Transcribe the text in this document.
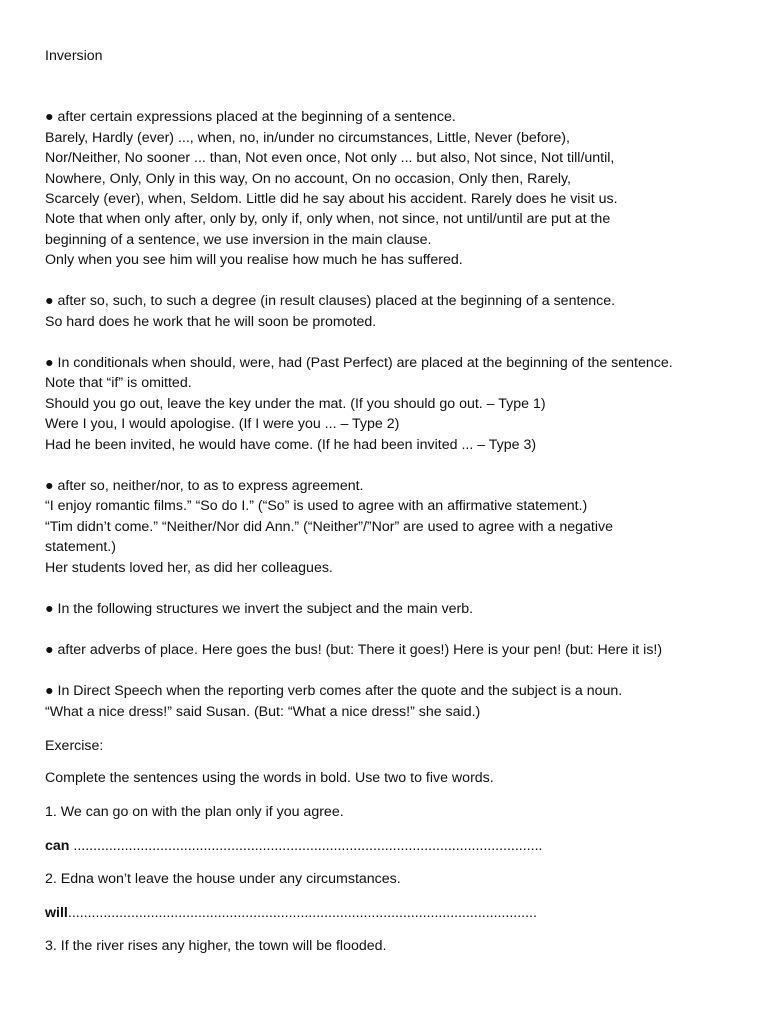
Inversion
● after certain expressions placed at the beginning of a sentence.
Barely, Hardly (ever) ..., when, no, in/under no circumstances, Little, Never (before),
Nor/Neither, No sooner ... than, Not even once, Not only ... but also, Not since, Not till/until,
Nowhere, Only, Only in this way, On no account, On no occasion, Only then, Rarely,
Scarcely (ever), when, Seldom. Little did he say about his accident. Rarely does he visit us.
Note that when only after, only by, only if, only when, not since, not until/until are put at the
beginning of a sentence, we use inversion in the main clause.
Only when you see him will you realise how much he has suffered.
● after so, such, to such a degree (in result clauses) placed at the beginning of a sentence.
So hard does he work that he will soon be promoted.
● In conditionals when should, were, had (Past Perfect) are placed at the beginning of the sentence.
Note that “if” is omitted.
Should you go out, leave the key under the mat. (If you should go out. – Type 1)
Were I you, I would apologise. (If I were you ... – Type 2)
Had he been invited, he would have come. (If he had been invited ... – Type 3)
● after so, neither/nor, to as to express agreement.
“I enjoy romantic films.” “So do I.” (“So” is used to agree with an affirmative statement.)
“Tim didn’t come.” “Neither/Nor did Ann.” (“Neither”/”Nor” are used to agree with a negative
statement.)
Her students loved her, as did her colleagues.
● In the following structures we invert the subject and the main verb.
● after adverbs of place. Here goes the bus! (but: There it goes!) Here is your pen! (but: Here it is!)
● In Direct Speech when the reporting verb comes after the quote and the subject is a noun.
“What a nice dress!” said Susan. (But: “What a nice dress!” she said.)
Exercise:
Complete the sentences using the words in bold. Use two to five words.
1. We can go on with the plan only if you agree.
can .......................................................................................................................
2. Edna won’t leave the house under any circumstances.
will.......................................................................................................................
3. If the river rises any higher, the town will be flooded.
